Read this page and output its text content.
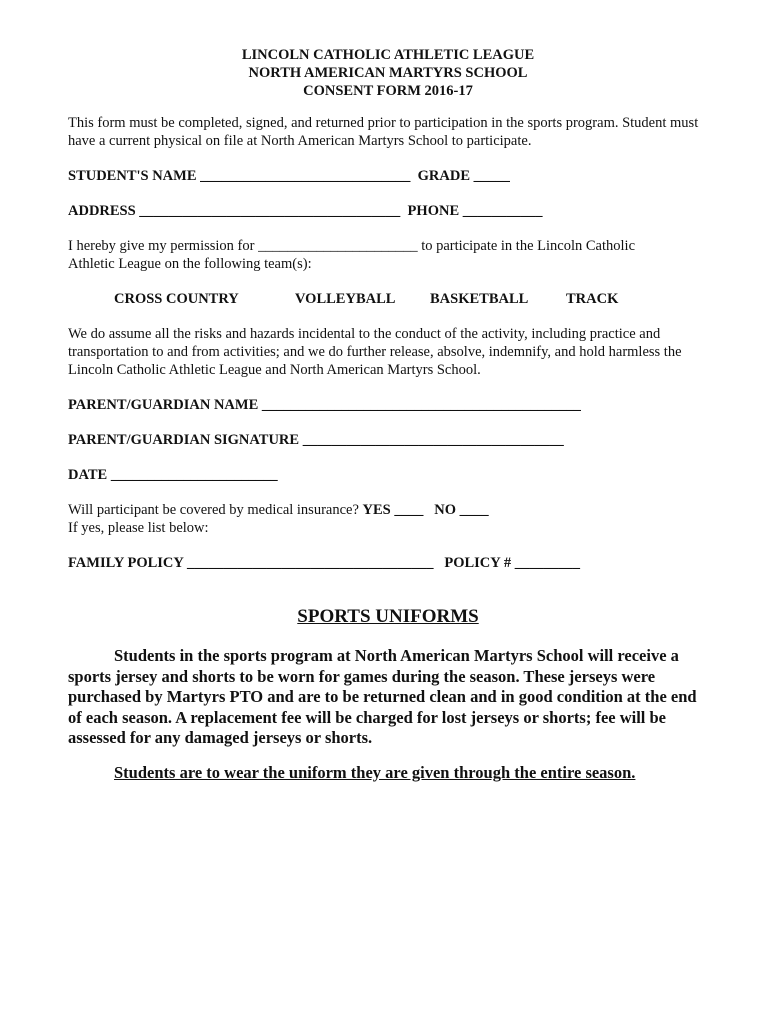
LINCOLN CATHOLIC ATHLETIC LEAGUE
NORTH AMERICAN MARTYRS SCHOOL
CONSENT FORM 2016-17
This form must be completed, signed, and returned prior to participation in the sports program. Student must have a current physical on file at North American Martyrs School to participate.
STUDENT'S NAME _____________________________  GRADE _____
ADDRESS ____________________________________  PHONE ___________
I hereby give my permission for ______________________ to participate in the Lincoln Catholic
Athletic League on the following team(s):
CROSS COUNTRY	VOLLEYBALL BASKETBALL	TRACK
We do assume all the risks and hazards incidental to the conduct of the activity, including practice and transportation to and from activities; and we do further release, absolve, indemnify, and hold harmless the Lincoln Catholic Athletic League and North American Martyrs School.
PARENT/GUARDIAN NAME ____________________________________________
PARENT/GUARDIAN SIGNATURE ____________________________________
DATE _______________________
Will participant be covered by medical insurance? YES ____ NO ____
If yes, please list below:
FAMILY POLICY __________________________________   POLICY # _________
SPORTS UNIFORMS
Students in the sports program at North American Martyrs School will receive a sports jersey and shorts to be worn for games during the season. These jerseys were purchased by Martyrs PTO and are to be returned clean and in good condition at the end of each season. A replacement fee will be charged for lost jerseys or shorts; fee will be assessed for any damaged jerseys or shorts.
Students are to wear the uniform they are given through the entire season.
